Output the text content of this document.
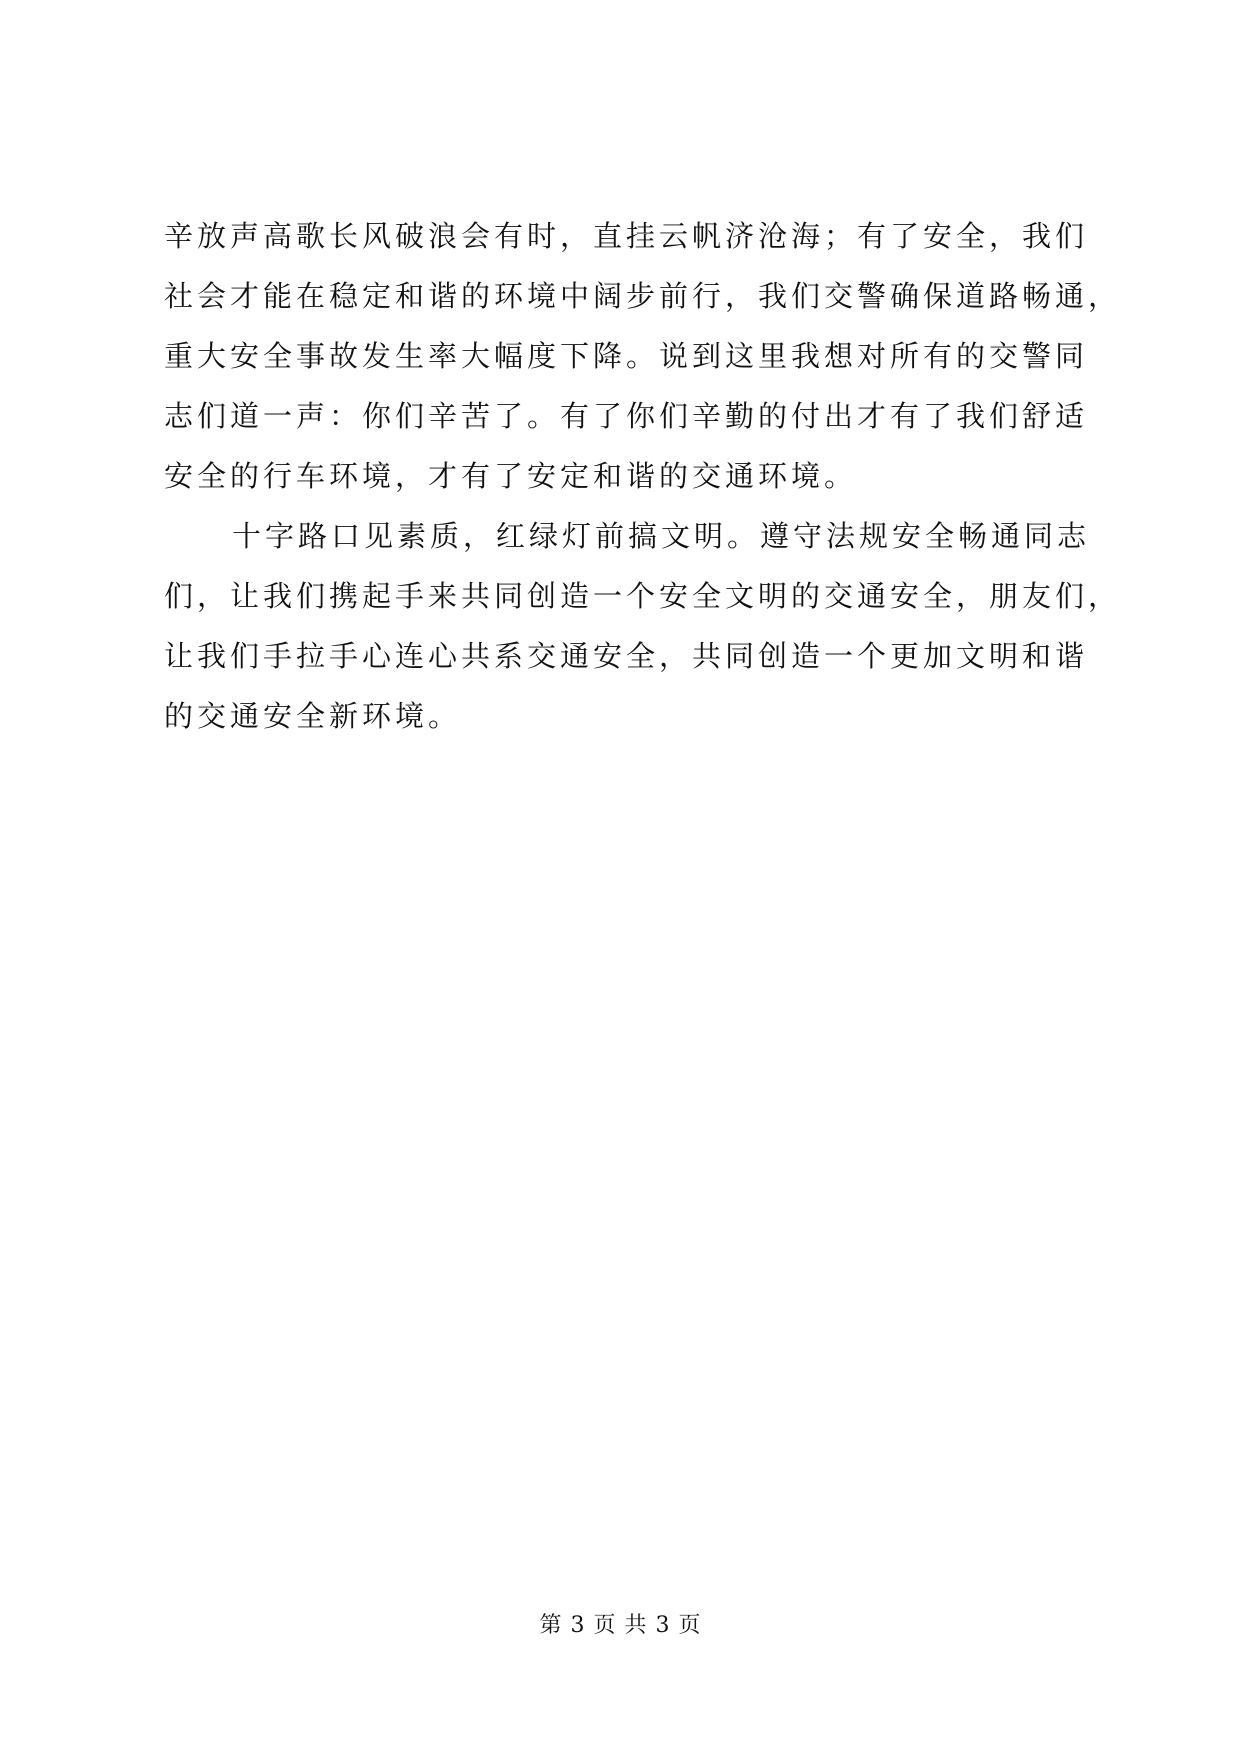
辛放声高歌长风破浪会有时，直挂云帆济沧海；有了安全，我们
社会才能在稳定和谐的环境中阔步前行，我们交警确保道路畅通，
重大安全事故发生率大幅度下降。说到这里我想对所有的交警同
志们道一声：你们辛苦了。有了你们辛勤的付出才有了我们舒适
安全的行车环境，才有了安定和谐的交通环境。
十字路口见素质，红绿灯前搞文明。遵守法规安全畅通同志
们，让我们携起手来共同创造一个安全文明的交通安全，朋友们，
让我们手拉手心连心共系交通安全，共同创造一个更加文明和谐
的交通安全新环境。
第 3 页 共 3 页
